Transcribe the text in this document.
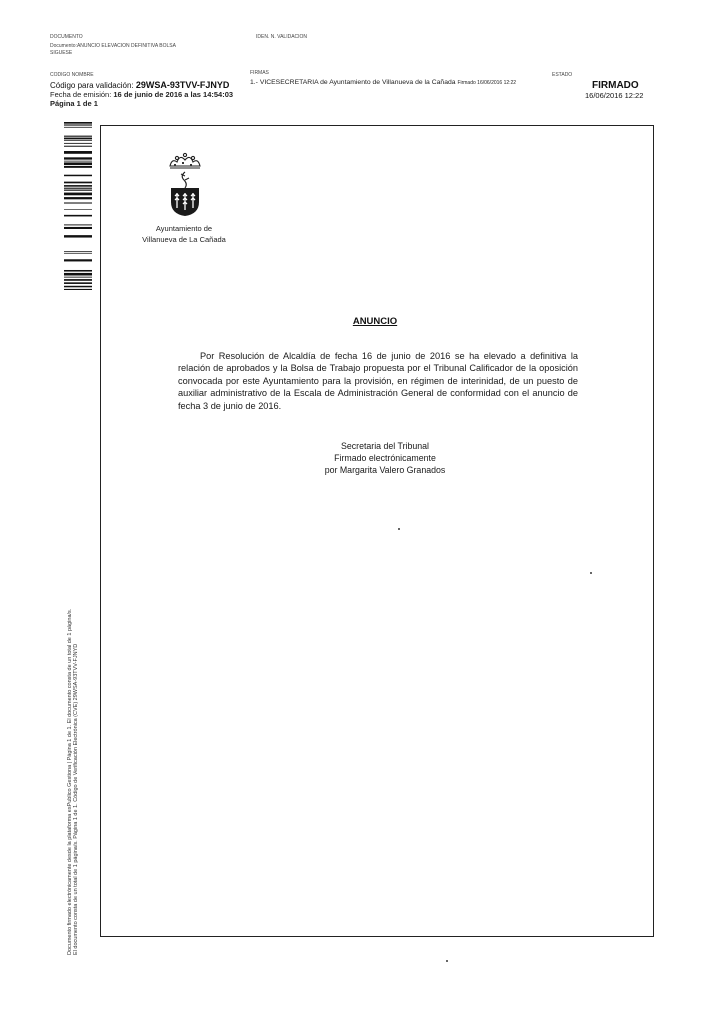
DOCUMENTO
Documento:ANUNCIO ELEVACION DEFINITIVA BOLSA
SIGUESE
IDEN. N. VALIDACION
CODIGO NOMBRE
Código para validación: 29WSA-93TVV-FJNYD
Fecha de emisión: 16 de junio de 2016 a las 14:54:03
Página 1 de 1
FIRMAS
1.- VICESECRETARIA de Ayuntamiento de Villanueva de la Cañada Firmado 16/06/2016 12:22
ESTADO
FIRMADO
16/06/2016 12:22
Documento firmado electrónicamente desde la plataforma esPublico Gestiona | Página 1 de 1. El documento consta de un total de 1 página/s. El documento consta de un total de 1 página/s. Página 1 de 1. Código de Verificación Electrónica (CVE) 29WSA-93TVV-FJNYD
Ayuntamiento de
Villanueva de La Cañada
ANUNCIO
Por Resolución de Alcaldía de fecha 16 de junio de 2016 se ha elevado a definitiva la relación de aprobados y la Bolsa de Trabajo propuesta por el Tribunal Calificador de la oposición convocada por este Ayuntamiento para la provisión, en régimen de interinidad, de un puesto de auxiliar administrativo de la Escala de Administración General de conformidad con el anuncio de fecha 3 de junio de 2016.
Secretaria del Tribunal
Firmado electrónicamente
por Margarita Valero Granados
